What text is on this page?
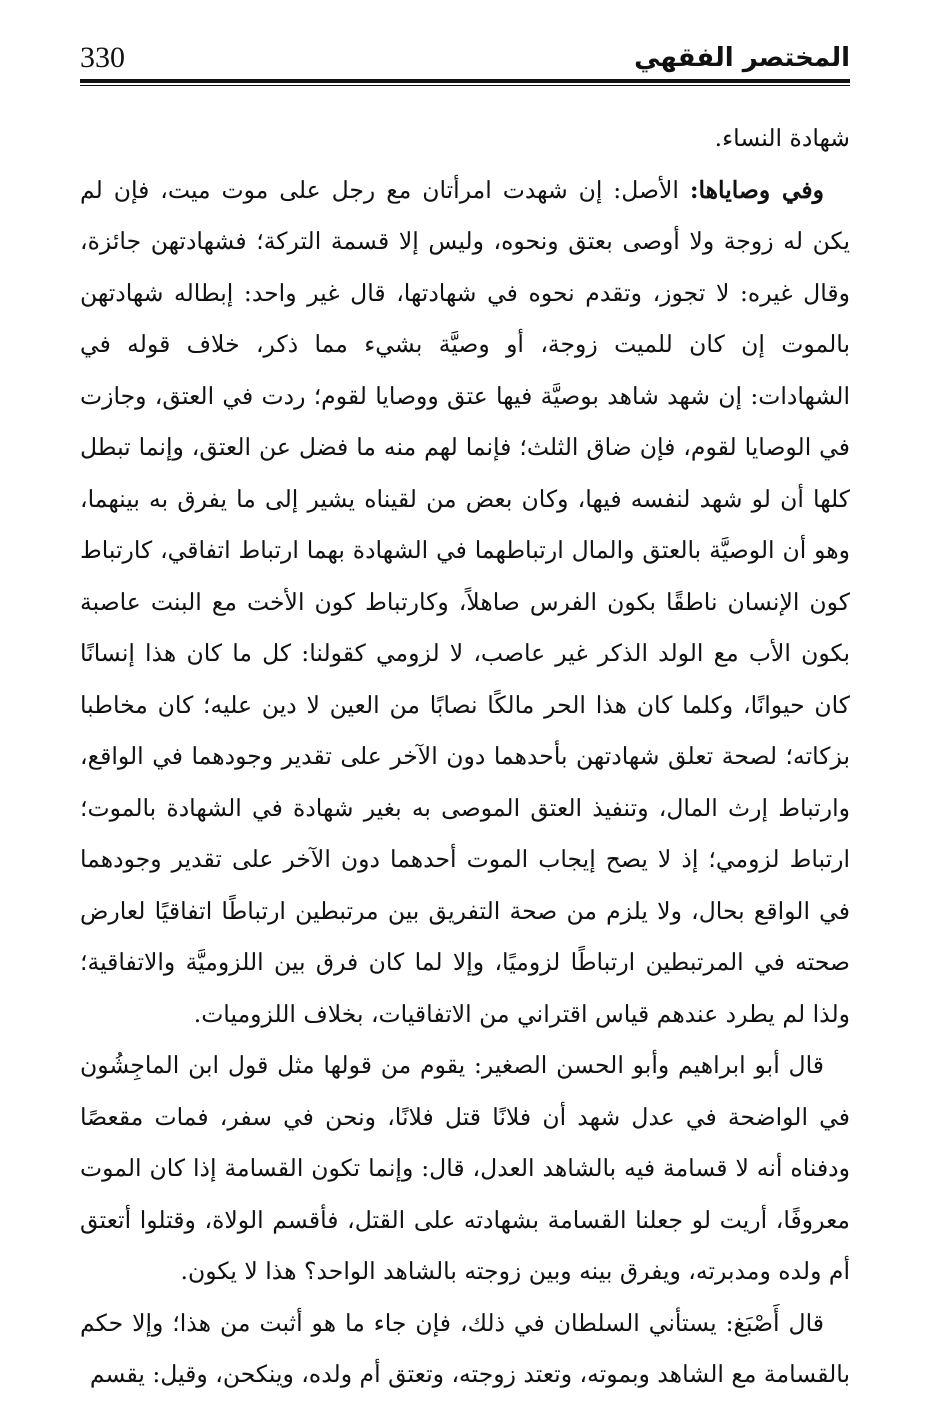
330	المختصر الفقهي

شهادة النساء.

وفي وصاياها: الأصل: إن شهدت امرأتان مع رجل على موت ميت، فإن لم يكن له زوجة ولا أوصى بعتق ونحوه، وليس إلا قسمة التركة؛ فشهادتهن جائزة، وقال غيره: لا تجوز، وتقدم نحوه في شهادتها، قال غير واحد: إبطاله شهادتهن بالموت إن كان للميت زوجة، أو وصيَّة بشيء مما ذكر، خلاف قوله في الشهادات: إن شهد شاهد بوصيَّة فيها عتق ووصايا لقوم؛ ردت في العتق، وجازت في الوصايا لقوم، فإن ضاق الثلث؛ فإنما لهم منه ما فضل عن العتق، وإنما تبطل كلها أن لو شهد لنفسه فيها، وكان بعض من لقيناه يشير إلى ما يفرق به بينهما، وهو أن الوصيَّة بالعتق والمال ارتباطهما في الشهادة بهما ارتباط اتفاقي، كارتباط كون الإنسان ناطقًا بكون الفرس صاهلاً، وكارتباط كون الأخت مع البنت عاصبة بكون الأب مع الولد الذكر غير عاصب، لا لزومي كقولنا: كل ما كان هذا إنسانًا كان حيوانًا، وكلما كان هذا الحر مالكًا نصابًا من العين لا دين عليه؛ كان مخاطبا بزكاته؛ لصحة تعلق شهادتهن بأحدهما دون الآخر على تقدير وجودهما في الواقع، وارتباط إرث المال، وتنفيذ العتق الموصى به بغير شهادة في الشهادة بالموت؛ ارتباط لزومي؛ إذ لا يصح إيجاب الموت أحدهما دون الآخر على تقدير وجودهما في الواقع بحال، ولا يلزم من صحة التفريق بين مرتبطين ارتباطًا اتفاقيًا لعارض صحته في المرتبطين ارتباطًا لزوميًا، وإلا لما كان فرق بين اللزوميَّة والاتفاقية؛ ولذا لم يطرد عندهم قياس اقتراني من الاتفاقيات، بخلاف اللزوميات.

قال أبو ابراهيم وأبو الحسن الصغير: يقوم من قولها مثل قول ابن الماجِشُون في الواضحة في عدل شهد أن فلانًا قتل فلانًا، ونحن في سفر، فمات مقعصًا ودفناه أنه لا قسامة فيه بالشاهد العدل، قال: وإنما تكون القسامة إذا كان الموت معروفًا، أريت لو جعلنا القسامة بشهادته على القتل، فأقسم الولاة، وقتلوا أتعتق أم ولده ومدبرته، ويفرق بينه وبين زوجته بالشاهد الواحد؟ هذا لا يكون.

قال أَصْبَغ: يستأني السلطان في ذلك، فإن جاء ما هو أثبت من هذا؛ وإلا حكم بالقسامة مع الشاهد وبموته، وتعتد زوجته، وتعتق أم ولده، وينكحن، وقيل: يقسم
